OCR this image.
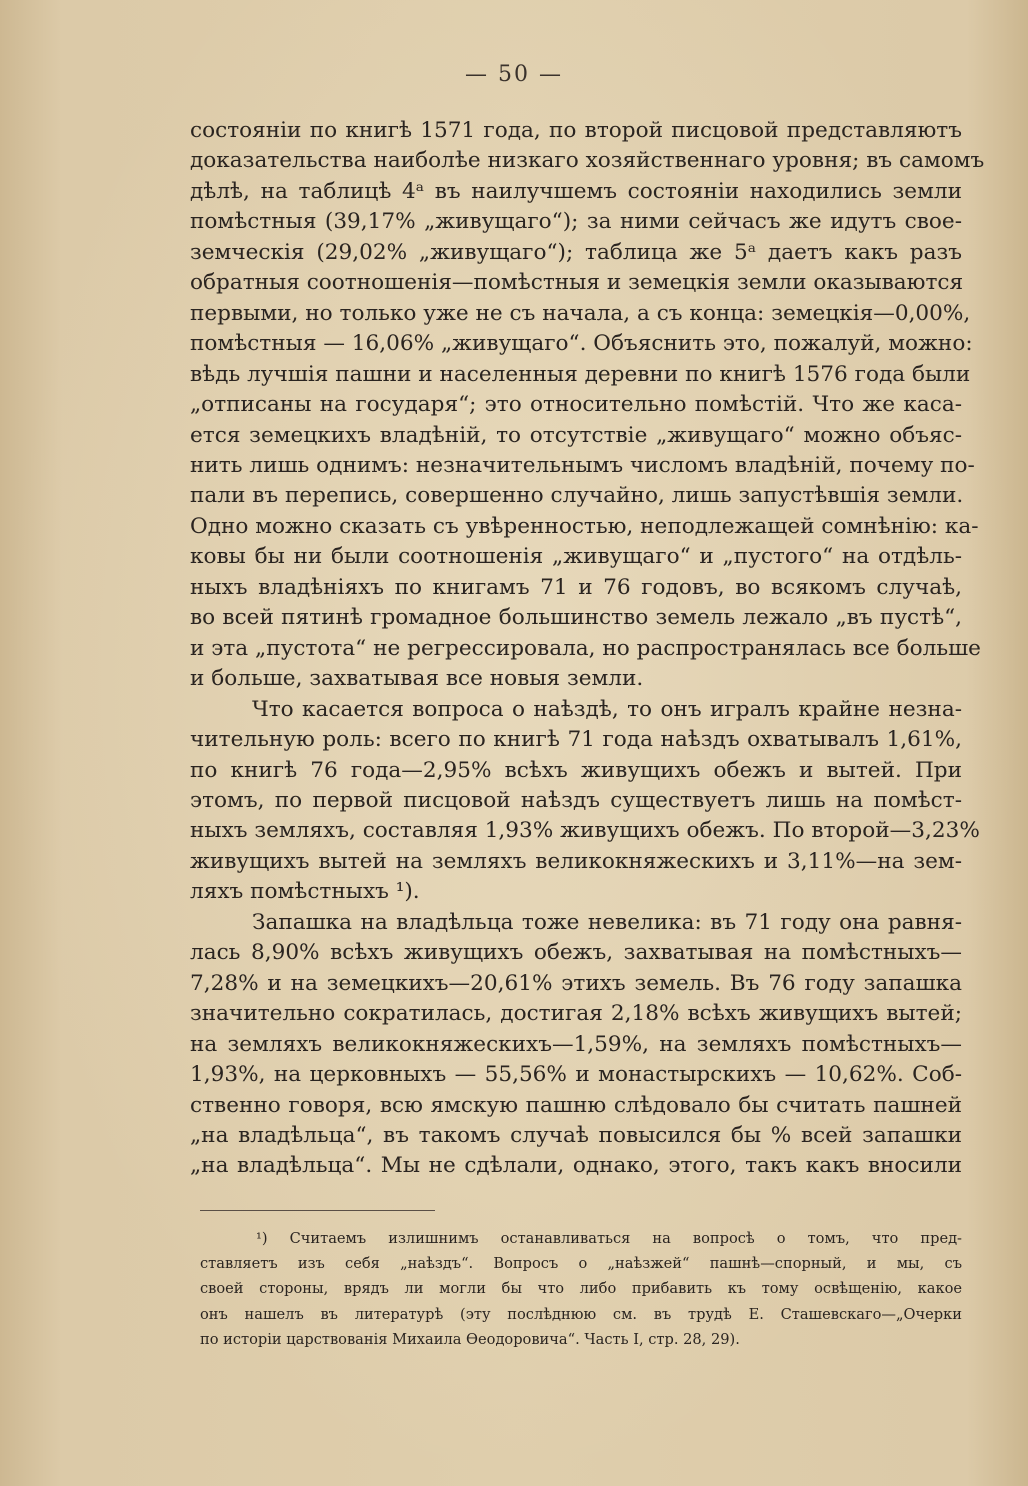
— 50 —
состоянiи по книгѣ 1571 года, по второй писцовой представляютъ
доказательства наиболѣе низкаго хозяйственнаго уровня; въ самомъ
дѣлѣ, на таблицѣ 4ᵃ въ наилучшемъ состоянiи находились земли
помѣстныя (39,17% „живущаго“); за ними сейчасъ же идутъ свое-
земческiя (29,02% „живущаго“); таблица же 5ᵃ даетъ какъ разъ
обратныя соотношенiя—помѣстныя и земецкiя земли оказываются
первыми, но только уже не съ начала, а съ конца: земецкiя—0,00%,
помѣстныя — 16,06% „живущаго“. Объяснить это, пожалуй, можно:
вѣдь лучшiя пашни и населенныя деревни по книгѣ 1576 года были
„отписаны на государя“; это относительно помѣстiй. Что же каса-
ется земецкихъ владѣнiй, то отсутствiе „живущаго“ можно объяс-
нить лишь однимъ: незначительнымъ числомъ владѣнiй, почему по-
пали въ перепись, совершенно случайно, лишь запустѣвшiя земли.
Одно можно сказать съ увѣренностью, неподлежащей сомнѣнiю: ка-
ковы бы ни были соотношенiя „живущаго“ и „пустого“ на отдѣль-
ныхъ владѣнiяхъ по книгамъ 71 и 76 годовъ, во всякомъ случаѣ,
во всей пятинѣ громадное большинство земель лежало „въ пустѣ“,
и эта „пустота“ не регрессировала, но распространялась все больше
и больше, захватывая все новыя земли.
Что касается вопроса о наѣздѣ, то онъ игралъ крайне незна-
чительную роль: всего по книгѣ 71 года наѣздъ охватывалъ 1,61%,
по книгѣ 76 года—2,95% всѣхъ живущихъ обежъ и вытей. При
этомъ, по первой писцовой наѣздъ существуетъ лишь на помѣст-
ныхъ земляхъ, составляя 1,93% живущихъ обежъ. По второй—3,23%
живущихъ вытей на земляхъ великокняжескихъ и 3,11%—на зем-
ляхъ помѣстныхъ ¹).
Запашка на владѣльца тоже невелика: въ 71 году она равня-
лась 8,90% всѣхъ живущихъ обежъ, захватывая на помѣстныхъ—
7,28% и на земецкихъ—20,61% этихъ земель. Въ 76 году запашка
значительно сократилась, достигая 2,18% всѣхъ живущихъ вытей;
на земляхъ великокняжескихъ—1,59%, на земляхъ помѣстныхъ—
1,93%, на церковныхъ — 55,56% и монастырскихъ — 10,62%. Соб-
ственно говоря, всю ямскую пашню слѣдовало бы считать пашней
„на владѣльца“, въ такомъ случаѣ повысился бы % всей запашки
„на владѣльца“. Мы не сдѣлали, однако, этого, такъ какъ вносили
¹) Считаемъ излишнимъ останавливаться на вопросѣ о томъ, что пред-
ставляетъ изъ себя „наѣздъ“. Вопросъ о „наѣзжей“ пашнѣ—спорный, и мы, съ
своей стороны, врядъ ли могли бы что либо прибавить къ тому освѣщенiю, какое
онъ нашелъ въ литературѣ (эту послѣднюю см. въ трудѣ Е. Сташевскаго—„Очерки
по исторiи царствованiя Михаила Ѳеодоровича“. Часть I, стр. 28, 29).
